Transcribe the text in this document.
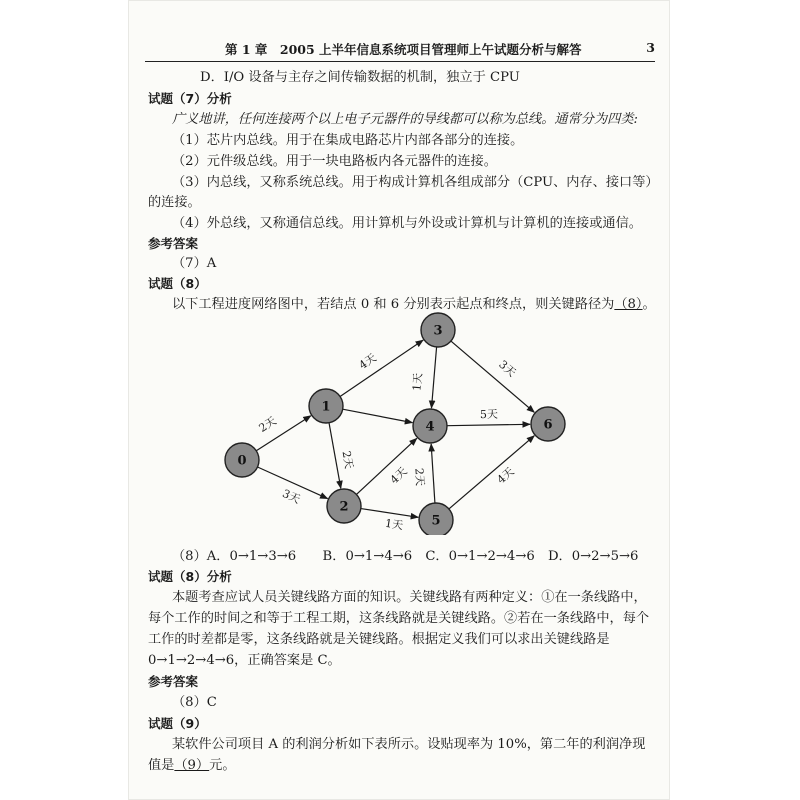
第 1 章　2005 上半年信息系统项目管理师上午试题分析与解答	3
D．I/O 设备与主存之间传输数据的机制，独立于 CPU
试题（7）分析
广义地讲，任何连接两个以上电子元器件的导线都可以称为总线。通常分为四类:
（1）芯片内总线。用于在集成电路芯片内部各部分的连接。
（2）元件级总线。用于一块电路板内各元器件的连接。
（3）内总线，又称系统总线。用于构成计算机各组成部分（CPU、内存、接口等）
的连接。
（4）外总线，又称通信总线。用计算机与外设或计算机与计算机的连接或通信。
参考答案
（7）A
试题（8）
以下工程进度网络图中，若结点 0 和 6 分别表示起点和终点，则关键路径为（8）。
2天
3天
4天
2天
4天
1天
1天
3天
5天
2天	4天
0
1
2
3
4
5
6
（8）A．0→1→3→6　　B．0→1→4→6　C．0→1→2→4→6　D．0→2→5→6
试题（8）分析
本题考查应试人员关键线路方面的知识。关键线路有两种定义：①在一条线路中，
每个工作的时间之和等于工程工期，这条线路就是关键线路。②若在一条线路中，每个
工作的时差都是零，这条线路就是关键线路。根据定义我们可以求出关键线路是
0→1→2→4→6，正确答案是 C。
参考答案
（8）C
试题（9）
某软件公司项目 A 的利润分析如下表所示。设贴现率为 10%，第二年的利润净现
值是（9）元。
